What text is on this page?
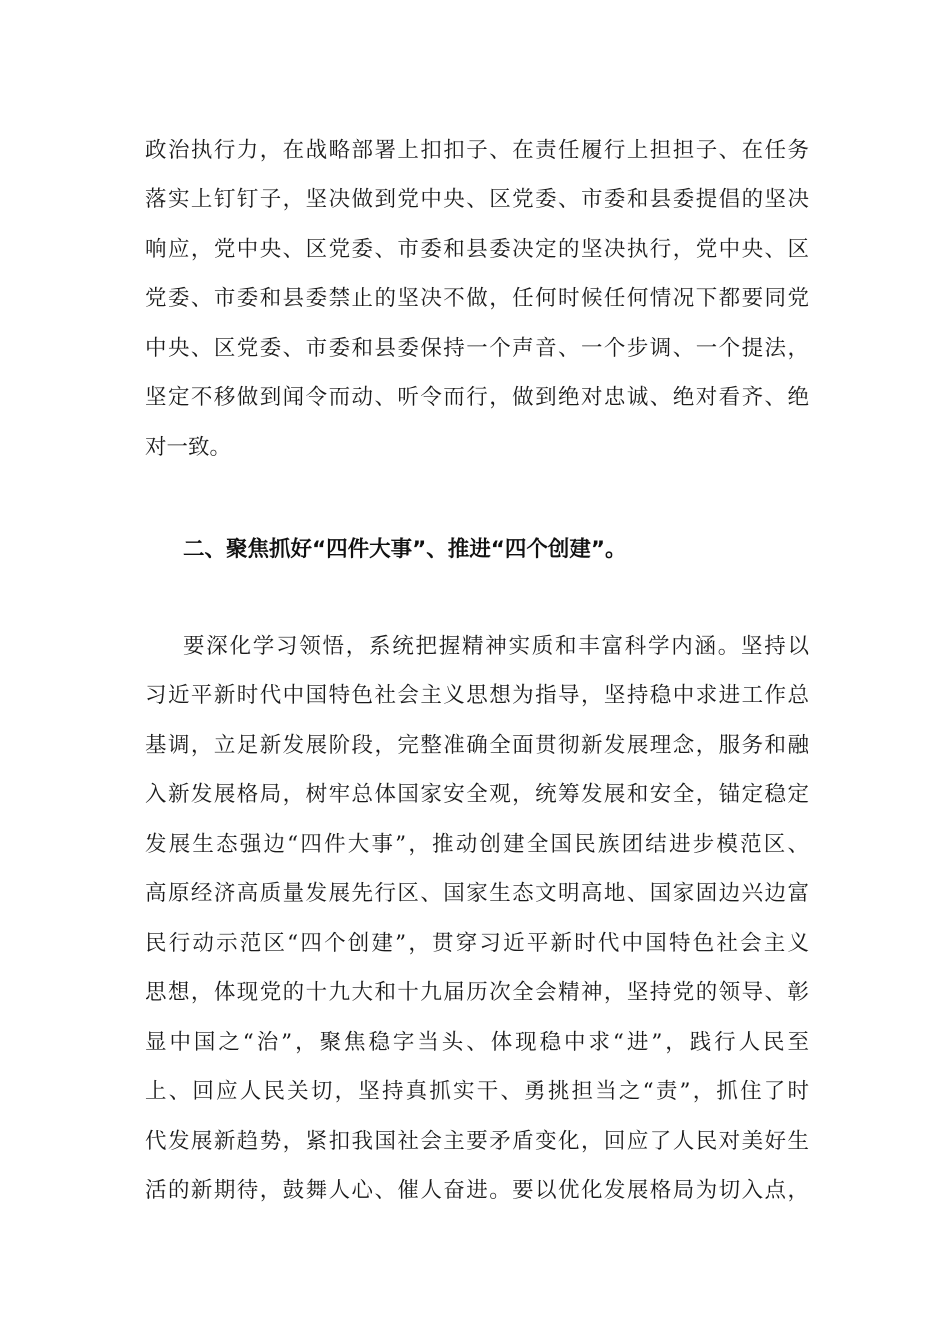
政治执行力，在战略部署上扣扣子、在责任履行上担担子、在任务
落实上钉钉子，坚决做到党中央、区党委、市委和县委提倡的坚决
响应，党中央、区党委、市委和县委决定的坚决执行，党中央、区
党委、市委和县委禁止的坚决不做，任何时候任何情况下都要同党
中央、区党委、市委和县委保持一个声音、一个步调、一个提法，
坚定不移做到闻令而动、听令而行，做到绝对忠诚、绝对看齐、绝
对一致。
二、聚焦抓好“四件大事”、推进“四个创建”。
要深化学习领悟，系统把握精神实质和丰富科学内涵。坚持以
习近平新时代中国特色社会主义思想为指导，坚持稳中求进工作总
基调，立足新发展阶段，完整准确全面贯彻新发展理念，服务和融
入新发展格局，树牢总体国家安全观，统筹发展和安全，锚定稳定
发展生态强边“四件大事”，推动创建全国民族团结进步模范区、
高原经济高质量发展先行区、国家生态文明高地、国家固边兴边富
民行动示范区“四个创建”，贯穿习近平新时代中国特色社会主义
思想，体现党的十九大和十九届历次全会精神，坚持党的领导、彰
显中国之“治”，聚焦稳字当头、体现稳中求“进”，践行人民至
上、回应人民关切，坚持真抓实干、勇挑担当之“责”，抓住了时
代发展新趋势，紧扣我国社会主要矛盾变化，回应了人民对美好生
活的新期待，鼓舞人心、催人奋进。要以优化发展格局为切入点，
